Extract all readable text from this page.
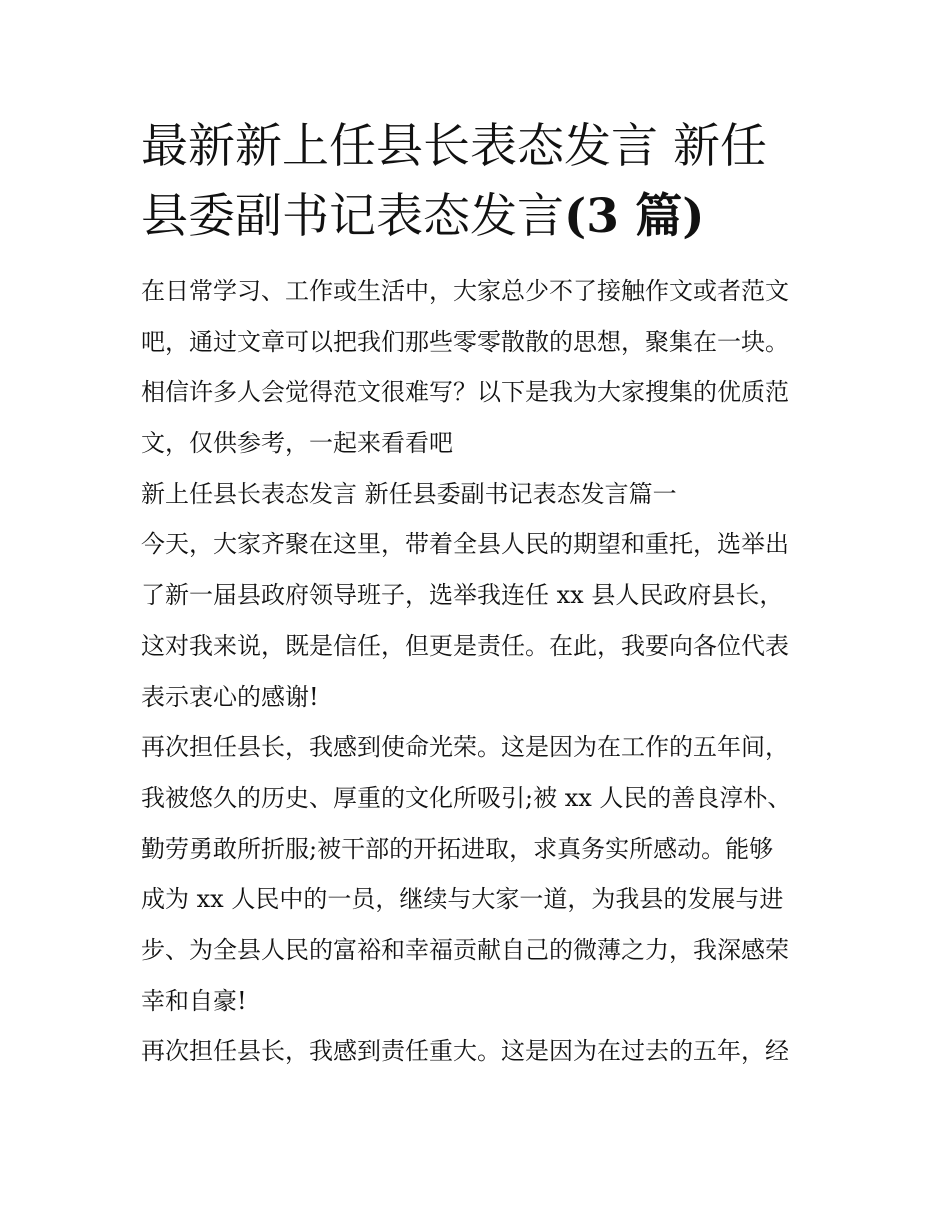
最新新上任县长表态发言 新任
县委副书记表态发言(3 篇)
在日常学习、工作或生活中，大家总少不了接触作文或者范文
吧，通过文章可以把我们那些零零散散的思想，聚集在一块。
相信许多人会觉得范文很难写？以下是我为大家搜集的优质范
文，仅供参考，一起来看看吧
新上任县长表态发言 新任县委副书记表态发言篇一
今天，大家齐聚在这里，带着全县人民的期望和重托，选举出
了新一届县政府领导班子，选举我连任 xx 县人民政府县长，
这对我来说，既是信任，但更是责任。在此，我要向各位代表
表示衷心的感谢!
再次担任县长，我感到使命光荣。这是因为在工作的五年间，
我被悠久的历史、厚重的文化所吸引;被 xx 人民的善良淳朴、
勤劳勇敢所折服;被干部的开拓进取，求真务实所感动。能够
成为 xx 人民中的一员，继续与大家一道，为我县的发展与进
步、为全县人民的富裕和幸福贡献自己的微薄之力，我深感荣
幸和自豪!
再次担任县长，我感到责任重大。这是因为在过去的五年，经
